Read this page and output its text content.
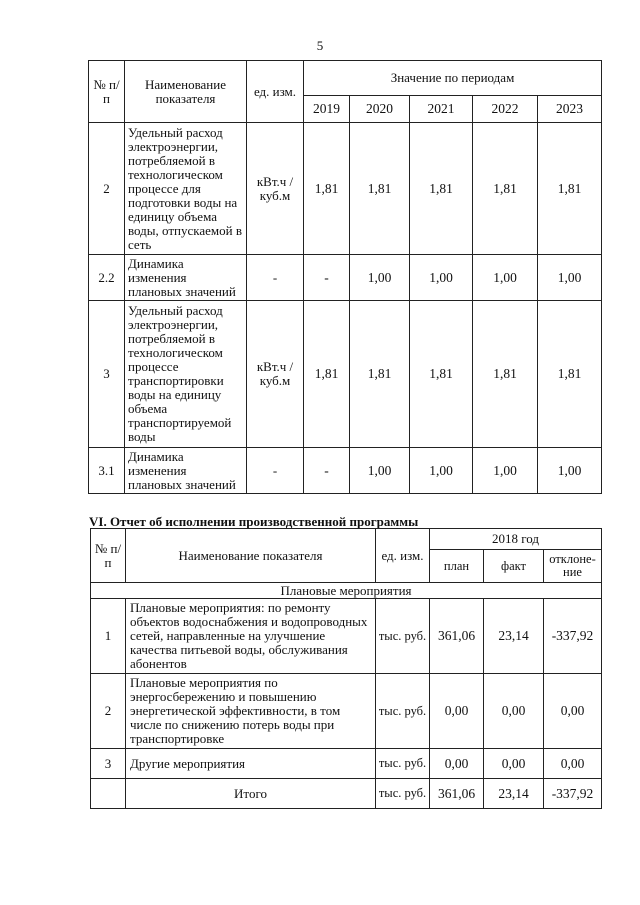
5
№ п/п	Наименование показателя	ед. изм.	Значение по периодам				
			2019	2020	2021	2022	2023
2	Удельный расход электроэнергии, потребляемой в технологическом процессе для подготовки воды на единицу объема воды, отпускаемой в сеть	кВт.ч / куб.м	1,81	1,81	1,81	1,81	1,81
2.2	Динамика изменения плановых значений	-	-	1,00	1,00	1,00	1,00
3	Удельный расход электроэнергии, потребляемой в технологическом процессе транспортировки воды на единицу объема транспортируемой воды	кВт.ч / куб.м	1,81	1,81	1,81	1,81	1,81
3.1	Динамика изменения плановых значений	-	-	1,00	1,00	1,00	1,00
VI. Отчет об исполнении производственной программы
№ п/п	Наименование показателя	ед. изм.	2018 год		
			план	факт	отклоне-ние
Плановые мероприятия					
1	Плановые мероприятия: по ремонту объектов водоснабжения и водопроводных сетей, направленные на улучшение качества питьевой воды, обслуживания абонентов	тыс. руб.	361,06	23,14	-337,92
2	Плановые мероприятия по энергосбережению и повышению энергетической эффективности, в том числе по снижению потерь воды при транспортировке	тыс. руб.	0,00	0,00	0,00
3	Другие мероприятия	тыс. руб.	0,00	0,00	0,00
	Итого	тыс. руб.	361,06	23,14	-337,92
